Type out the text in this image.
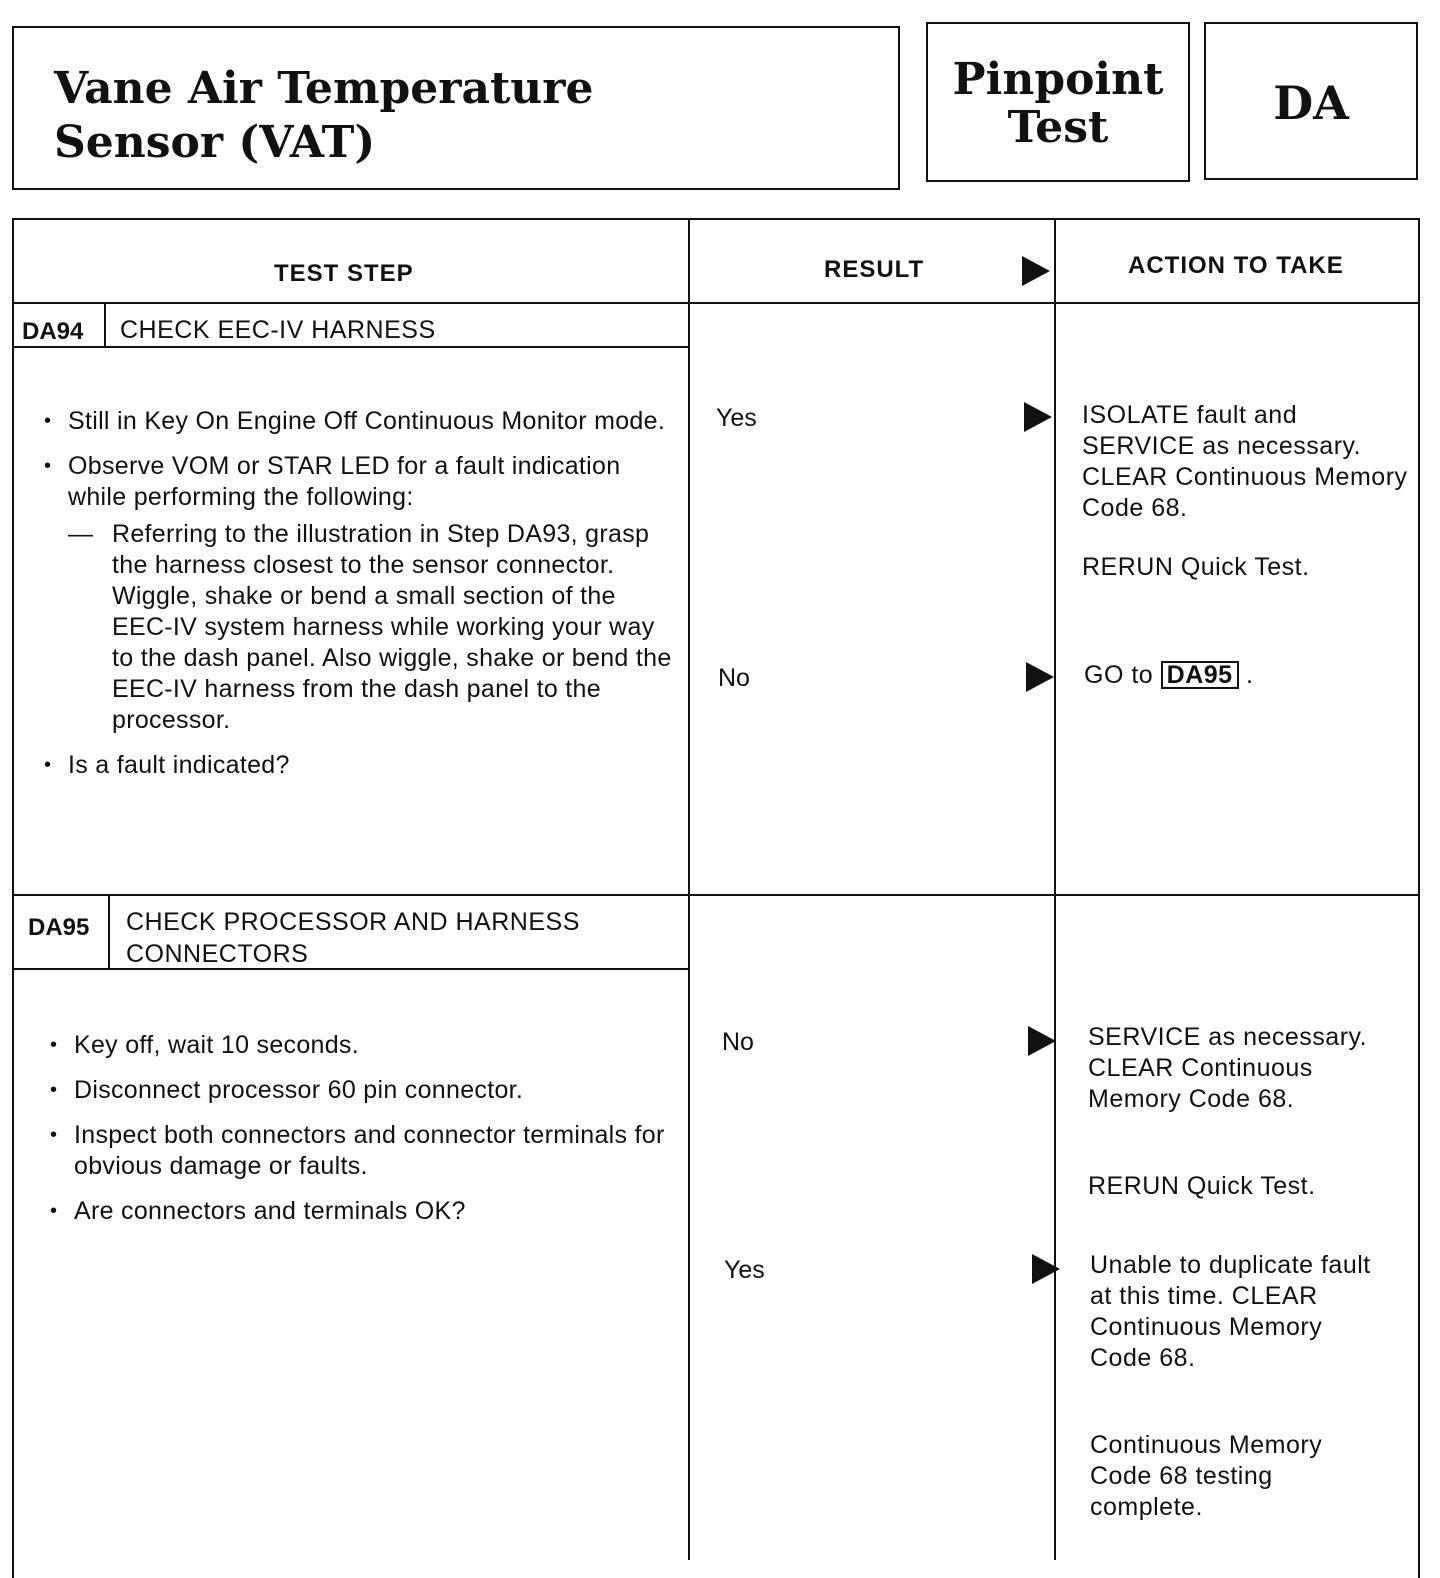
Vane Air Temperature
Sensor (VAT)
Pinpoint
Test	DA
TEST STEP	RESULT	ACTION TO TAKE
DA94 CHECK EEC-IV HARNESS
• Still in Key On Engine Off Continuous Monitor mode.
• Observe VOM or STAR LED for a fault indication while performing the following:
— Referring to the illustration in Step DA93, grasp the harness closest to the sensor connector. Wiggle, shake or bend a small section of the EEC-IV system harness while working your way to the dash panel. Also wiggle, shake or bend the EEC-IV harness from the dash panel to the processor.
• Is a fault indicated?
Yes	ISOLATE fault and SERVICE as necessary. CLEAR Continuous Memory Code 68.

RERUN Quick Test.

No	GO to DA95 .
DA95 CHECK PROCESSOR AND HARNESS
CONNECTORS
• Key off, wait 10 seconds.
• Disconnect processor 60 pin connector.
• Inspect both connectors and connector terminals for obvious damage or faults.
• Are connectors and terminals OK?
No	SERVICE as necessary. CLEAR Continuous Memory Code 68.

RERUN Quick Test.

Yes	Unable to duplicate fault at this time. CLEAR Continuous Memory Code 68.

Continuous Memory Code 68 testing complete.
